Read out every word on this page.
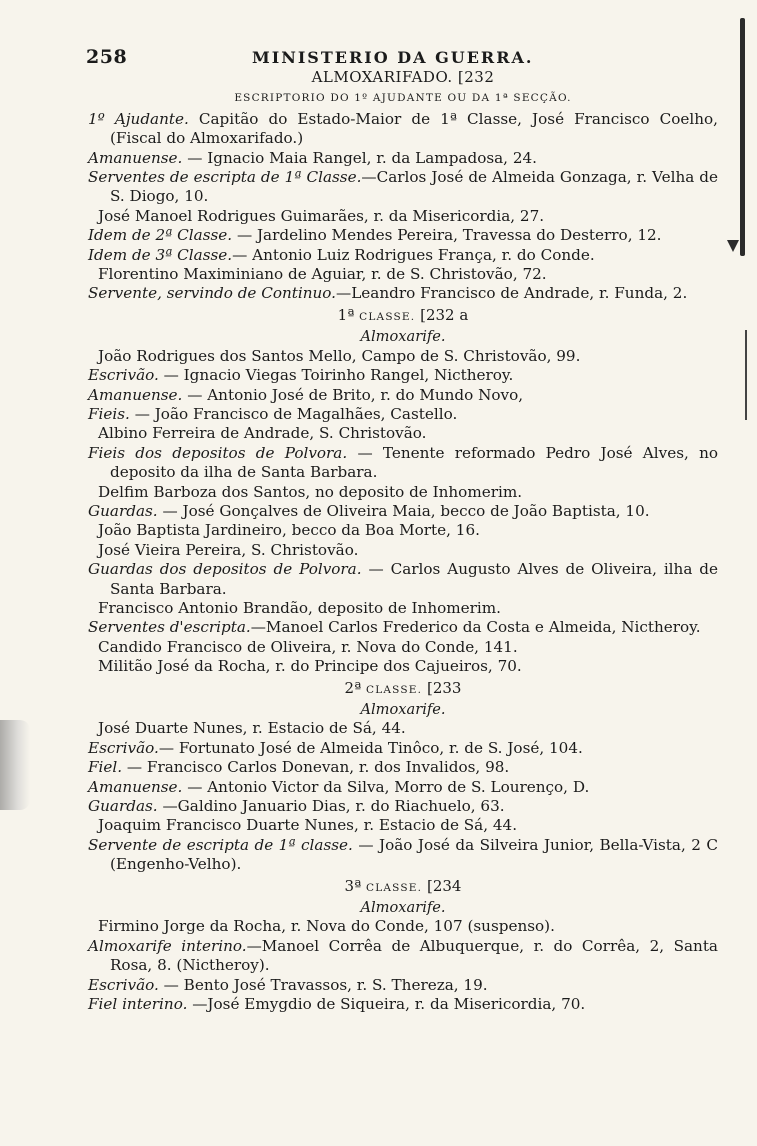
258	MINISTERIO DA GUERRA.
ALMOXARIFADO. [232
ESCRIPTORIO DO 1º AJUDANTE OU DA 1ª SECÇÃO.
1º Ajudante. Capitão do Estado-Maior de 1ª Classe, José Francisco Coelho, (Fiscal do Almoxarifado.)
Amanuense. — Ignacio Maia Rangel, r. da Lampadosa, 24.
Serventes de escripta de 1ª Classe.—Carlos José de Almeida Gonzaga, r. Velha de S. Diogo, 10.
José Manoel Rodrigues Guimarães, r. da Misericordia, 27.
Idem de 2ª Classe. — Jardelino Mendes Pereira, Travessa do Desterro, 12.
Idem de 3ª Classe.— Antonio Luiz Rodrigues França, r. do Conde.
Florentino Maximiniano de Aguiar, r. de S. Christovão, 72.
Servente, servindo de Continuo.—Leandro Francisco de Andrade, r. Funda, 2.
1ª CLASSE. [232 a
Almoxarife.
João Rodrigues dos Santos Mello, Campo de S. Christovão, 99.
Escrivão. — Ignacio Viegas Toirinho Rangel, Nictheroy.
Amanuense. — Antonio José de Brito, r. do Mundo Novo,
Fieis. — João Francisco de Magalhães, Castello.
Albino Ferreira de Andrade, S. Christovão.
Fieis dos depositos de Polvora. — Tenente reformado Pedro José Alves, no deposito da ilha de Santa Barbara.
Delfim Barboza dos Santos, no deposito de Inhomerim.
Guardas. — José Gonçalves de Oliveira Maia, becco de João Baptista, 10.
João Baptista Jardineiro, becco da Boa Morte, 16.
José Vieira Pereira, S. Christovão.
Guardas dos depositos de Polvora. — Carlos Augusto Alves de Oliveira, ilha de Santa Barbara.
Francisco Antonio Brandão, deposito de Inhomerim.
Serventes d'escripta.—Manoel Carlos Frederico da Costa e Almeida, Nictheroy.
Candido Francisco de Oliveira, r. Nova do Conde, 141.
Militão José da Rocha, r. do Principe dos Cajueiros, 70.
2ª CLASSE. [233
Almoxarife.
José Duarte Nunes, r. Estacio de Sá, 44.
Escrivão.— Fortunato José de Almeida Tinôco, r. de S. José, 104.
Fiel. — Francisco Carlos Donevan, r. dos Invalidos, 98.
Amanuense. — Antonio Victor da Silva, Morro de S. Lourenço, D.
Guardas. —Galdino Januario Dias, r. do Riachuelo, 63.
Joaquim Francisco Duarte Nunes, r. Estacio de Sá, 44.
Servente de escripta de 1ª classe. — João José da Silveira Junior, Bella-Vista, 2 C (Engenho-Velho).
3ª CLASSE. [234
Almoxarife.
Firmino Jorge da Rocha, r. Nova do Conde, 107 (suspenso).
Almoxarife interino.—Manoel Corrêa de Albuquerque, r. do Corrêa, 2, Santa Rosa, 8. (Nictheroy).
Escrivão. — Bento José Travassos, r. S. Thereza, 19.
Fiel interino. —José Emygdio de Siqueira, r. da Misericordia, 70.
